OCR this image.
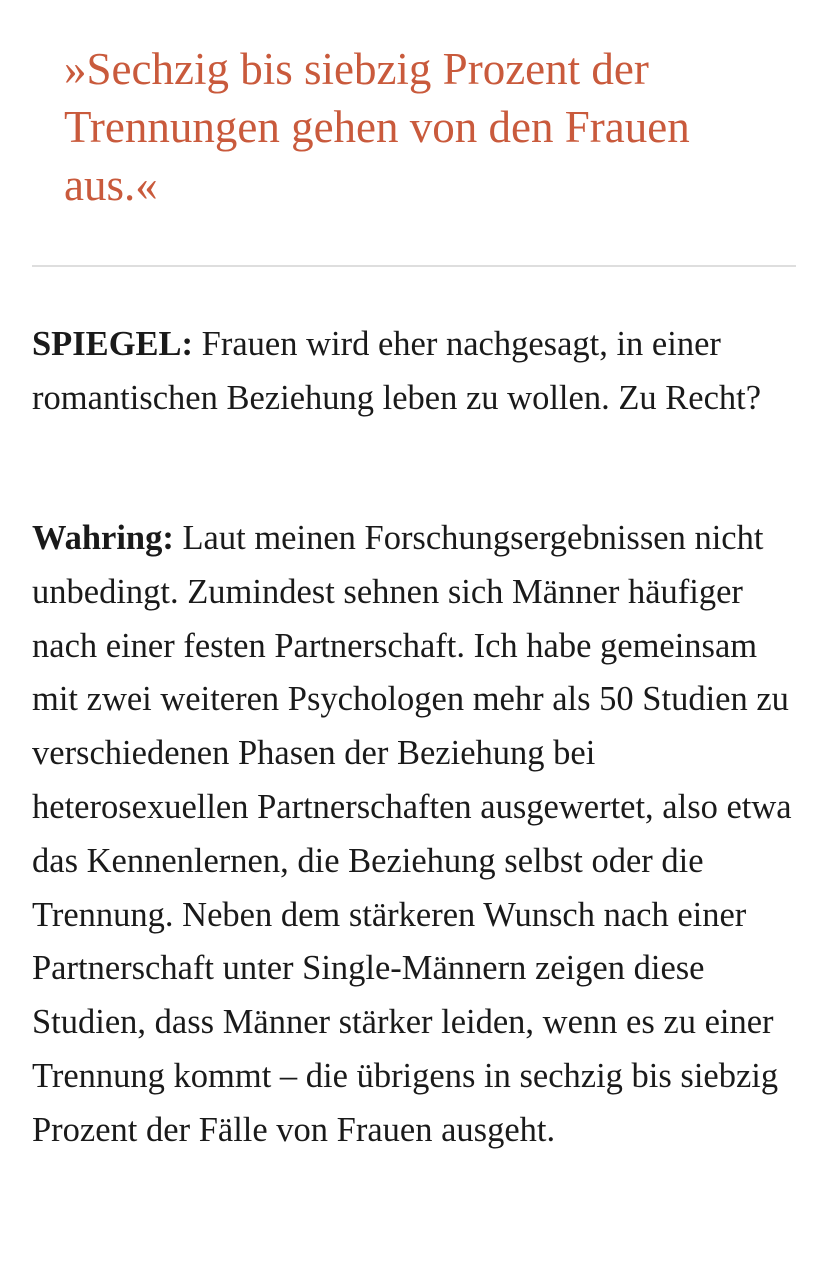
»Sechzig bis siebzig Prozent der Trennungen gehen von den Frauen aus.«

SPIEGEL: Frauen wird eher nachgesagt, in einer romantischen Beziehung leben zu wollen. Zu Recht?

Wahring: Laut meinen Forschungsergebnissen nicht unbedingt. Zumindest sehnen sich Männer häufiger nach einer festen Partnerschaft. Ich habe gemeinsam mit zwei weiteren Psychologen mehr als 50 Studien zu verschiedenen Phasen der Beziehung bei heterosexuellen Partnerschaften ausgewertet, also etwa das Kennenlernen, die Beziehung selbst oder die Trennung. Neben dem stärkeren Wunsch nach einer Partnerschaft unter Single-Männern zeigen diese Studien, dass Männer stärker leiden, wenn es zu einer Trennung kommt – die übrigens in sechzig bis siebzig Prozent der Fälle von Frauen ausgeht.
